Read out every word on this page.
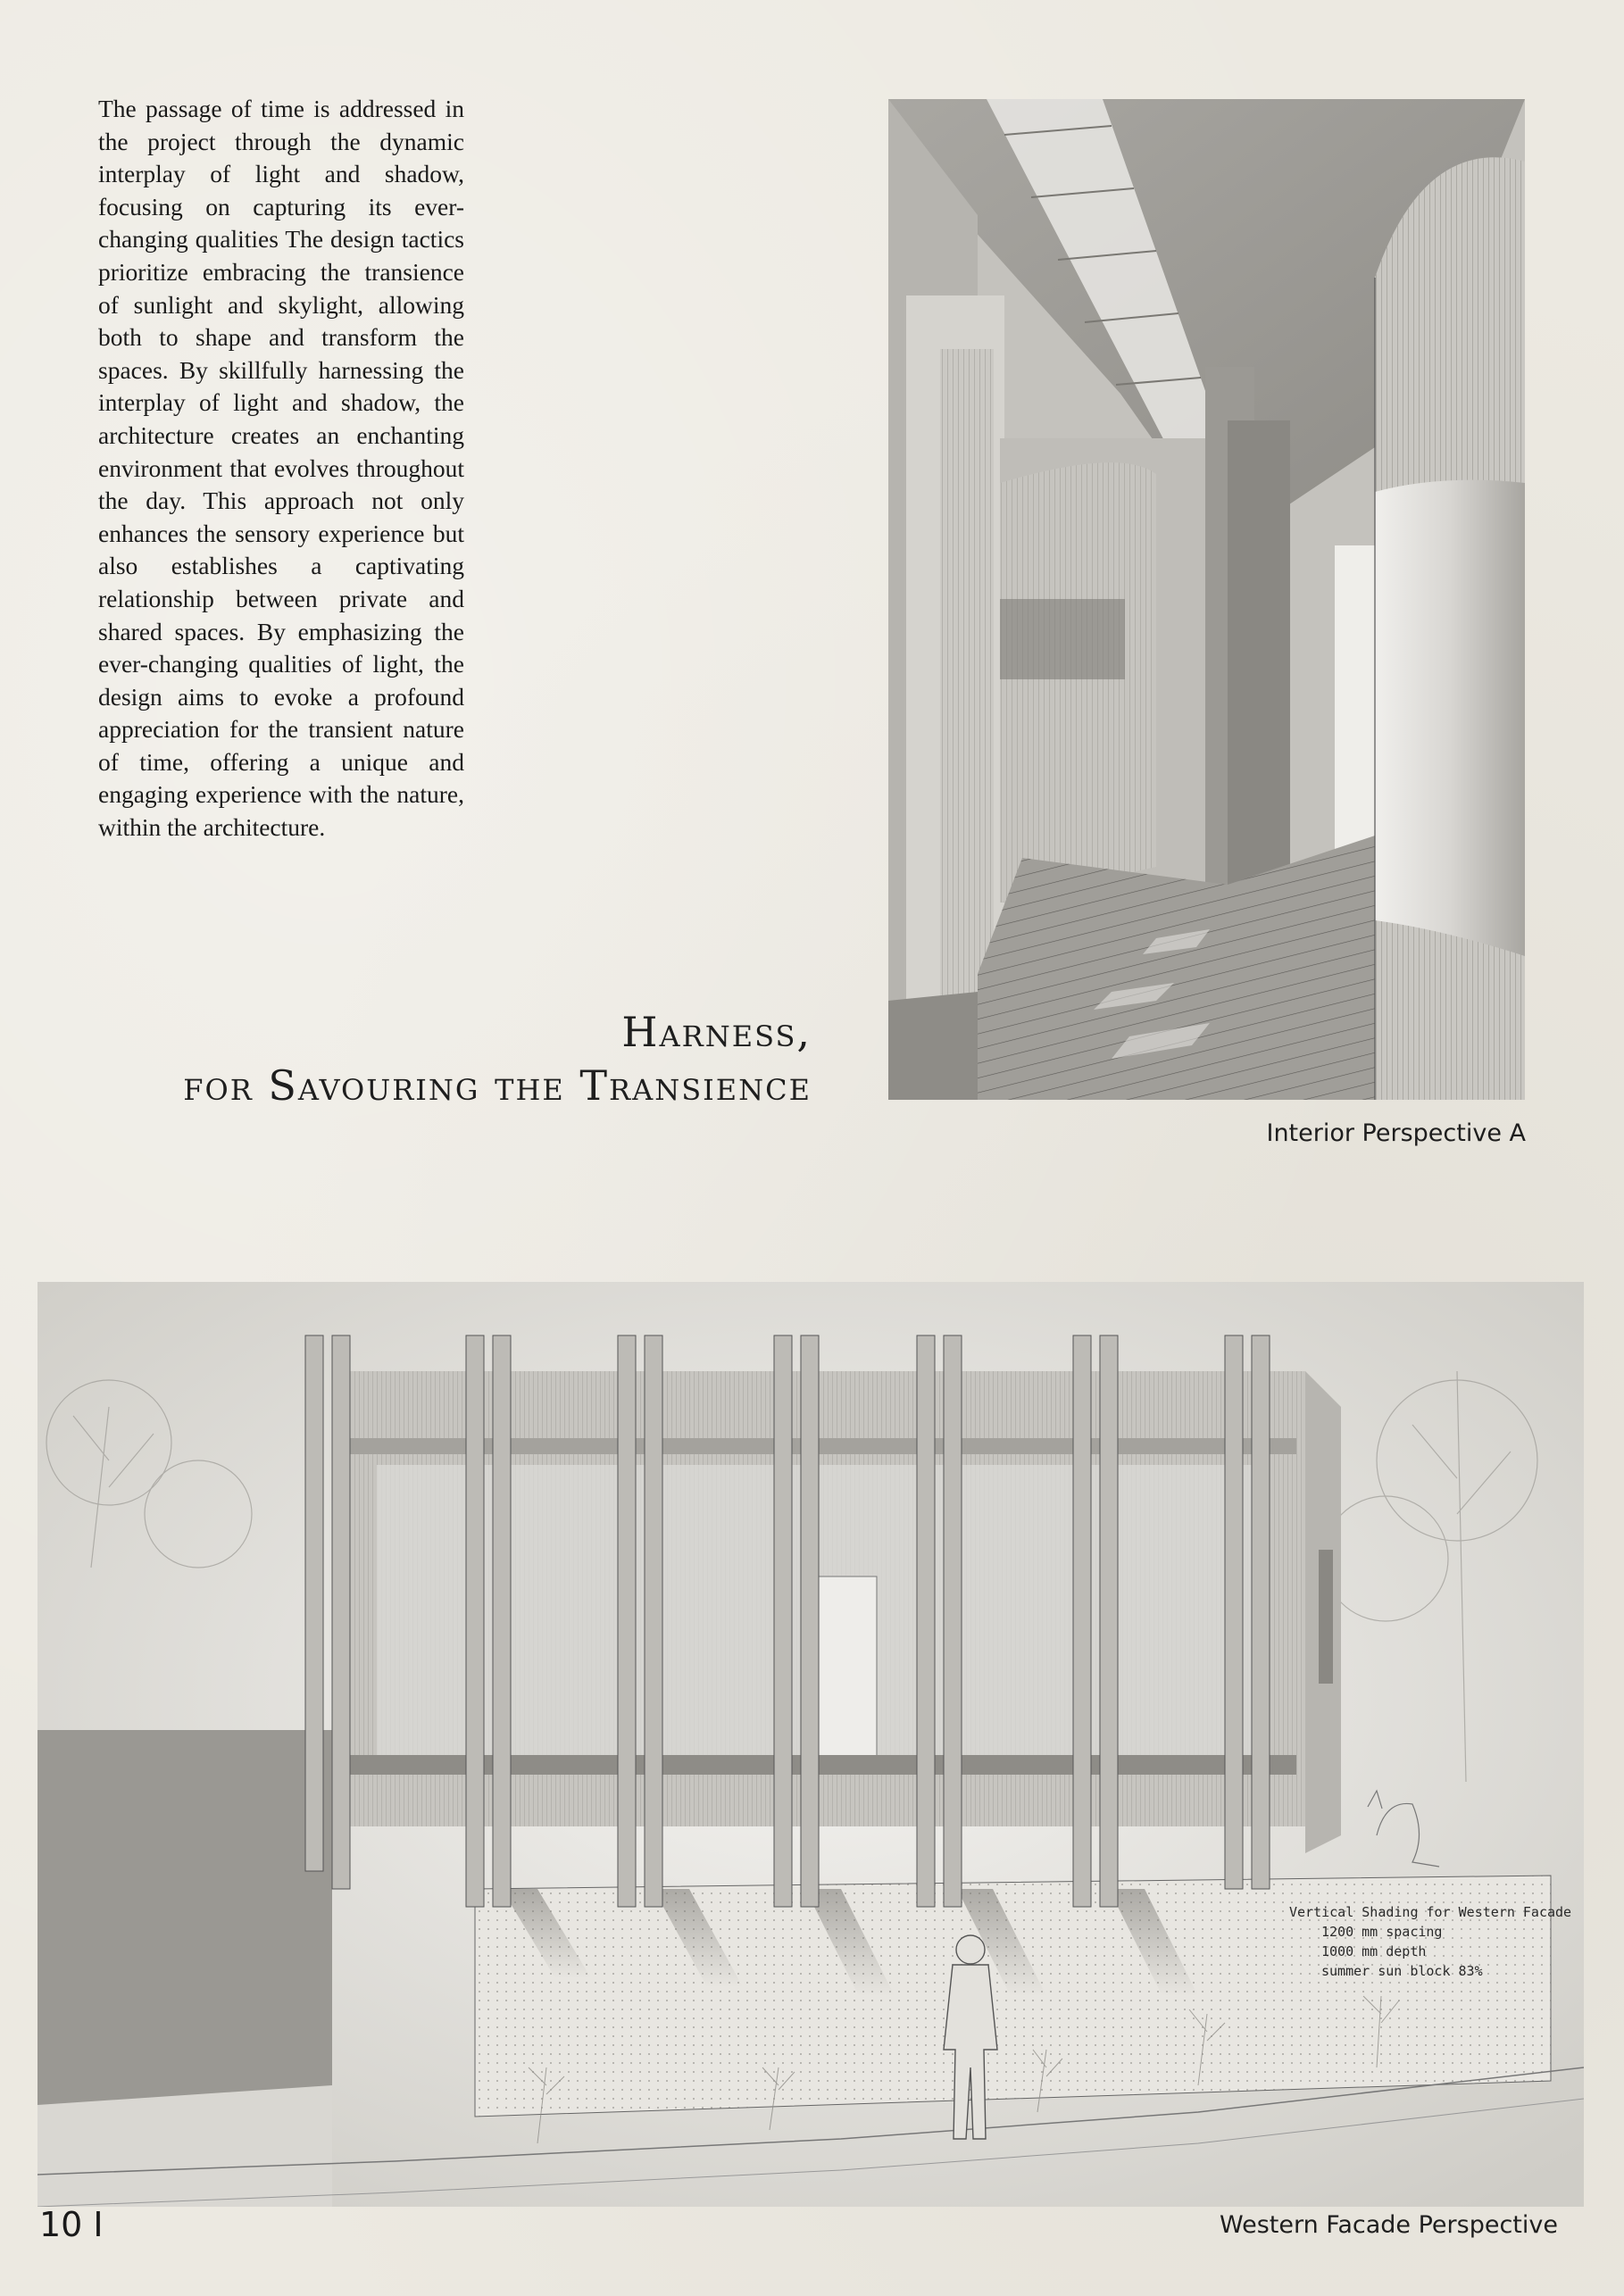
The passage of time is addressed in the project through the dynamic interplay of light and shadow, focusing on capturing its ever-changing qualities The design tactics prioritize embracing the transience of sunlight and skylight, allowing both to shape and transform the spaces. By skillfully harnessing the interplay of light and shadow, the architecture creates an enchanting environment that evolves throughout the day. This approach not only enhances the sensory experience but also establishes a captivating relationship between private and shared spaces. By emphasizing the ever-changing qualities of light, the design aims to evoke a profound appreciation for the transient nature of time, offering a unique and engaging experience with the nature, within the architecture.

Harness,
for Savouring the Transience
Interior Perspective A
Vertical Shading for Western Facade
1200 mm spacing
1000 mm depth
summer sun block 83%
Western Facade Perspective
10 I
